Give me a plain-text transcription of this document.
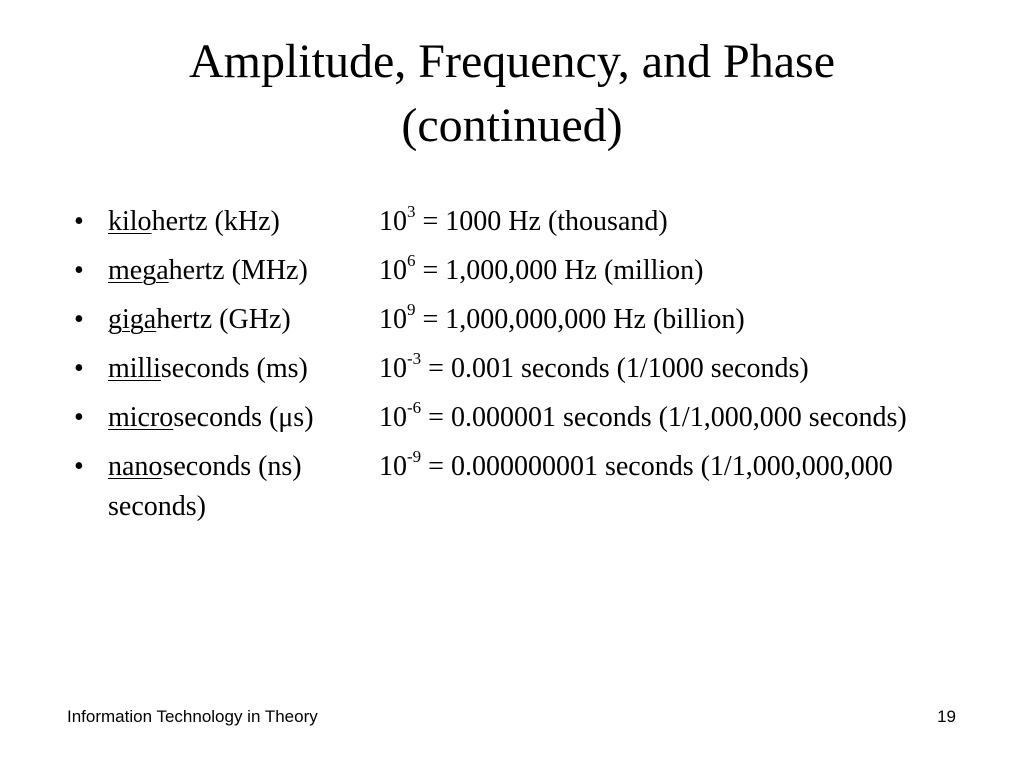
Amplitude, Frequency, and Phase
(continued)
• kilohertz (kHz)	$10^3 = 1000$ Hz (thousand)
• megahertz (MHz)	$10^6 = 1,000,000$ Hz (million)
• gigahertz (GHz)	$10^9 = 1,000,000,000$ Hz (billion)
• milliseconds (ms)	$10^{-3} = 0.001$ seconds (1/1000 seconds)
• microseconds (μs) $10^{-6} = 0.000001$ seconds (1/1,000,000 seconds)
• nanoseconds (ns)	$10^{-9} = 0.000000001$ seconds (1/1,000,000,000 seconds)
Information Technology in Theory	19
